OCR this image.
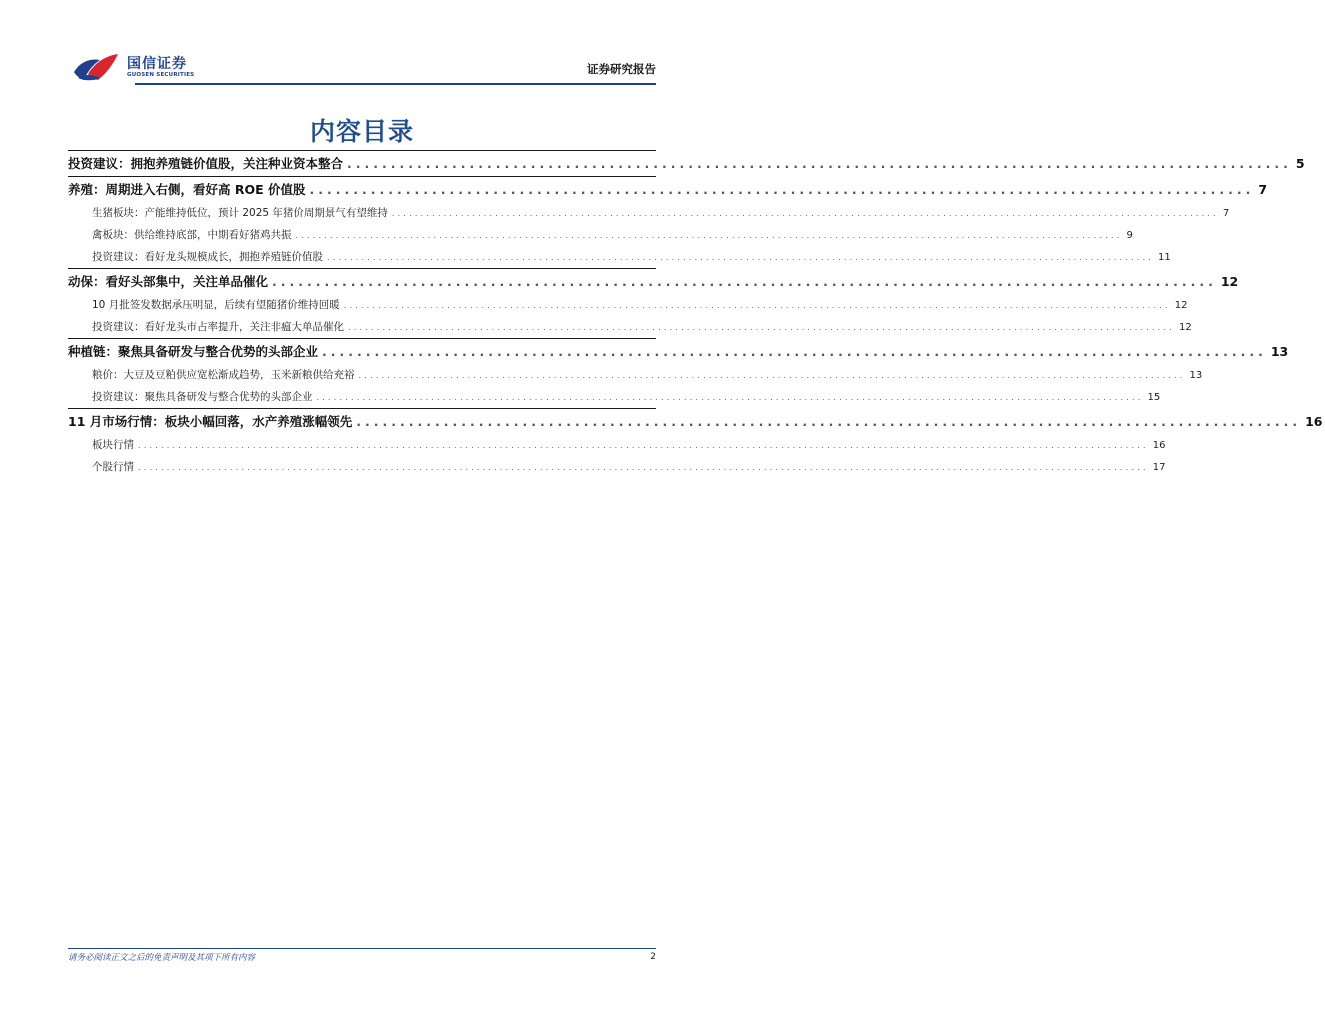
国信证券
GUOSEN SECURITIES	证券研究报告
内容目录
投资建议：拥抱养殖链价值股，关注种业资本整合 ............................................................................................................ 5
养殖：周期进入右侧，看好高 ROE 价值股 ............................................................................................................ 7
生猪板块：产能维持低位，预计 2025 年猪价周期景气有望维持 ................................................................................................................................................ 7
禽板块：供给维持底部，中期看好猪鸡共振 ................................................................................................................................................ 9
投资建议：看好龙头规模成长，拥抱养殖链价值股 ................................................................................................................................................ 11
动保：看好头部集中，关注单品催化 ............................................................................................................ 12
10 月批签发数据承压明显，后续有望随猪价维持回暖 ................................................................................................................................................ 12
投资建议：看好龙头市占率提升，关注非瘟大单品催化 ................................................................................................................................................ 12
种植链：聚焦具备研发与整合优势的头部企业 ............................................................................................................ 13
粮价：大豆及豆粕供应宽松渐成趋势，玉米新粮供给充裕 ................................................................................................................................................ 13
投资建议：聚焦具备研发与整合优势的头部企业 ................................................................................................................................................ 15
11 月市场行情：板块小幅回落，水产养殖涨幅领先 ............................................................................................................ 16
板块行情 ................................................................................................................................................................................ 16
个股行情 ................................................................................................................................................................................ 17
请务必阅读正文之后的免责声明及其项下所有内容	2
